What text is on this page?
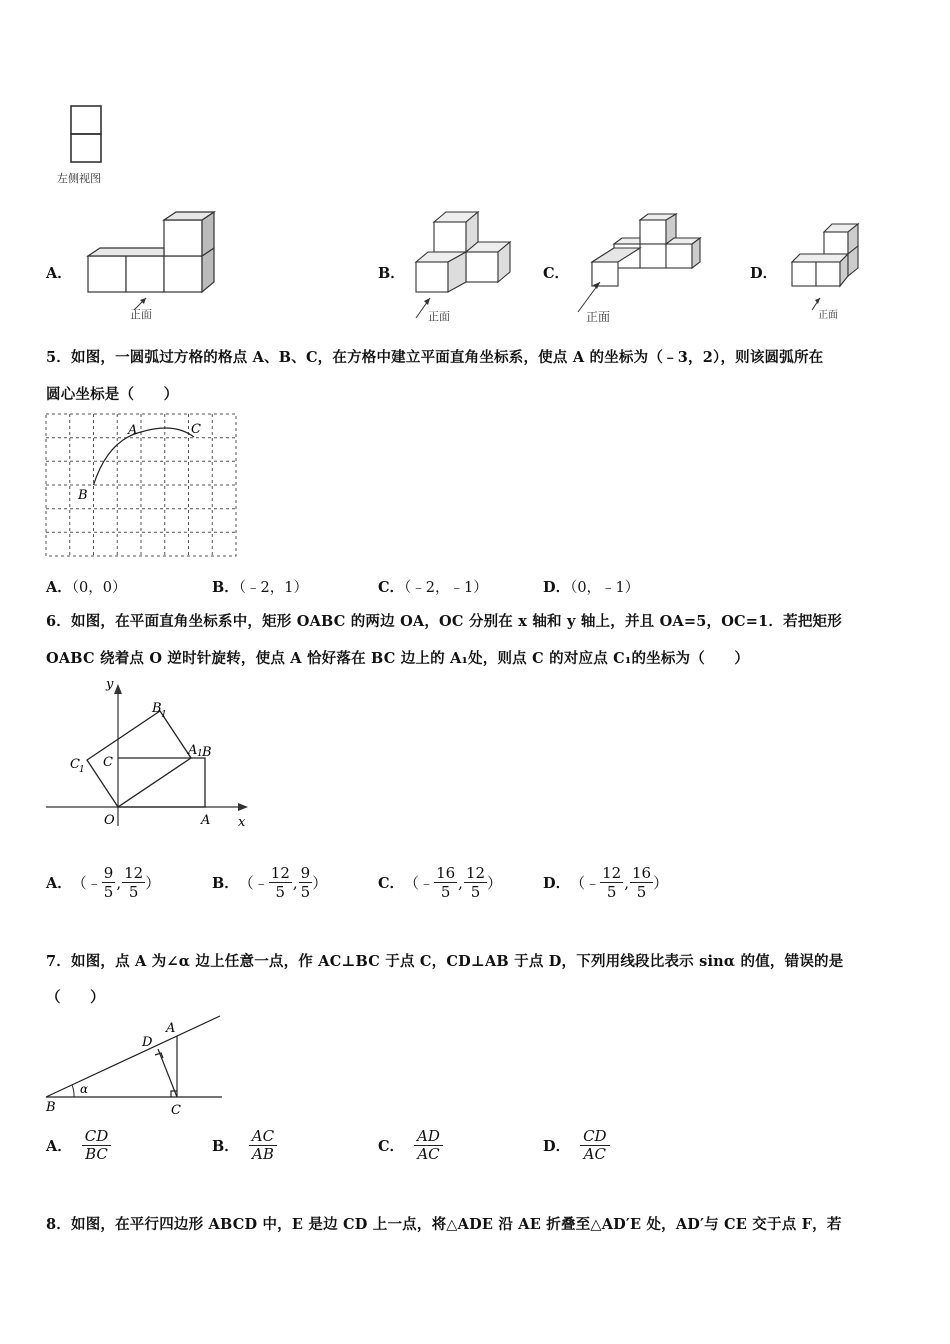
左侧视图
A．
正面
B．
正面
C．
正面
D．
正面
5．如图，一圆弧过方格的格点 A、B、C，在方格中建立平面直角坐标系，使点 A 的坐标为（﹣3，2），则该圆弧所在
圆心坐标是（　　）
A	C
B
A．（0，0）	B．（﹣2，1）	C．（﹣2，﹣1）	D．（0，﹣1）
6．如图，在平面直角坐标系中，矩形 OABC 的两边 OA，OC 分别在 x 轴和 y 轴上，并且 OA=5，OC=1．若把矩形
OABC 绕着点 O 逆时针旋转，使点 A 恰好落在 BC 边上的 A₁处，则点 C 的对应点 C₁的坐标为（　　）
y
x
O	A
B
C
A 1
B 1
C 1
A． （﹣ $\frac{9}{5}$ , $\frac{12}{5}$ ）	B． （﹣ $\frac{12}{5}$ , $\frac{9}{5}$ ）	C． （﹣ $\frac{16}{5}$ , $\frac{12}{5}$ ）	D． （﹣ $\frac{12}{5}$ , $\frac{16}{5}$ ）
7．如图，点 A 为∠α 边上任意一点，作 AC⊥BC 于点 C，CD⊥AB 于点 D，下列用线段比表示 sinα 的值，错误的是
（　　）
α
B	C
D
A
A． $\frac{CD}{BC}$	B． $\frac{AC}{AB}$	C． $\frac{AD}{AC}$	D． $\frac{CD}{AC}$
8．如图，在平行四边形 ABCD 中，E 是边 CD 上一点，将△ADE 沿 AE 折叠至△AD′E 处，AD′与 CE 交于点 F，若
